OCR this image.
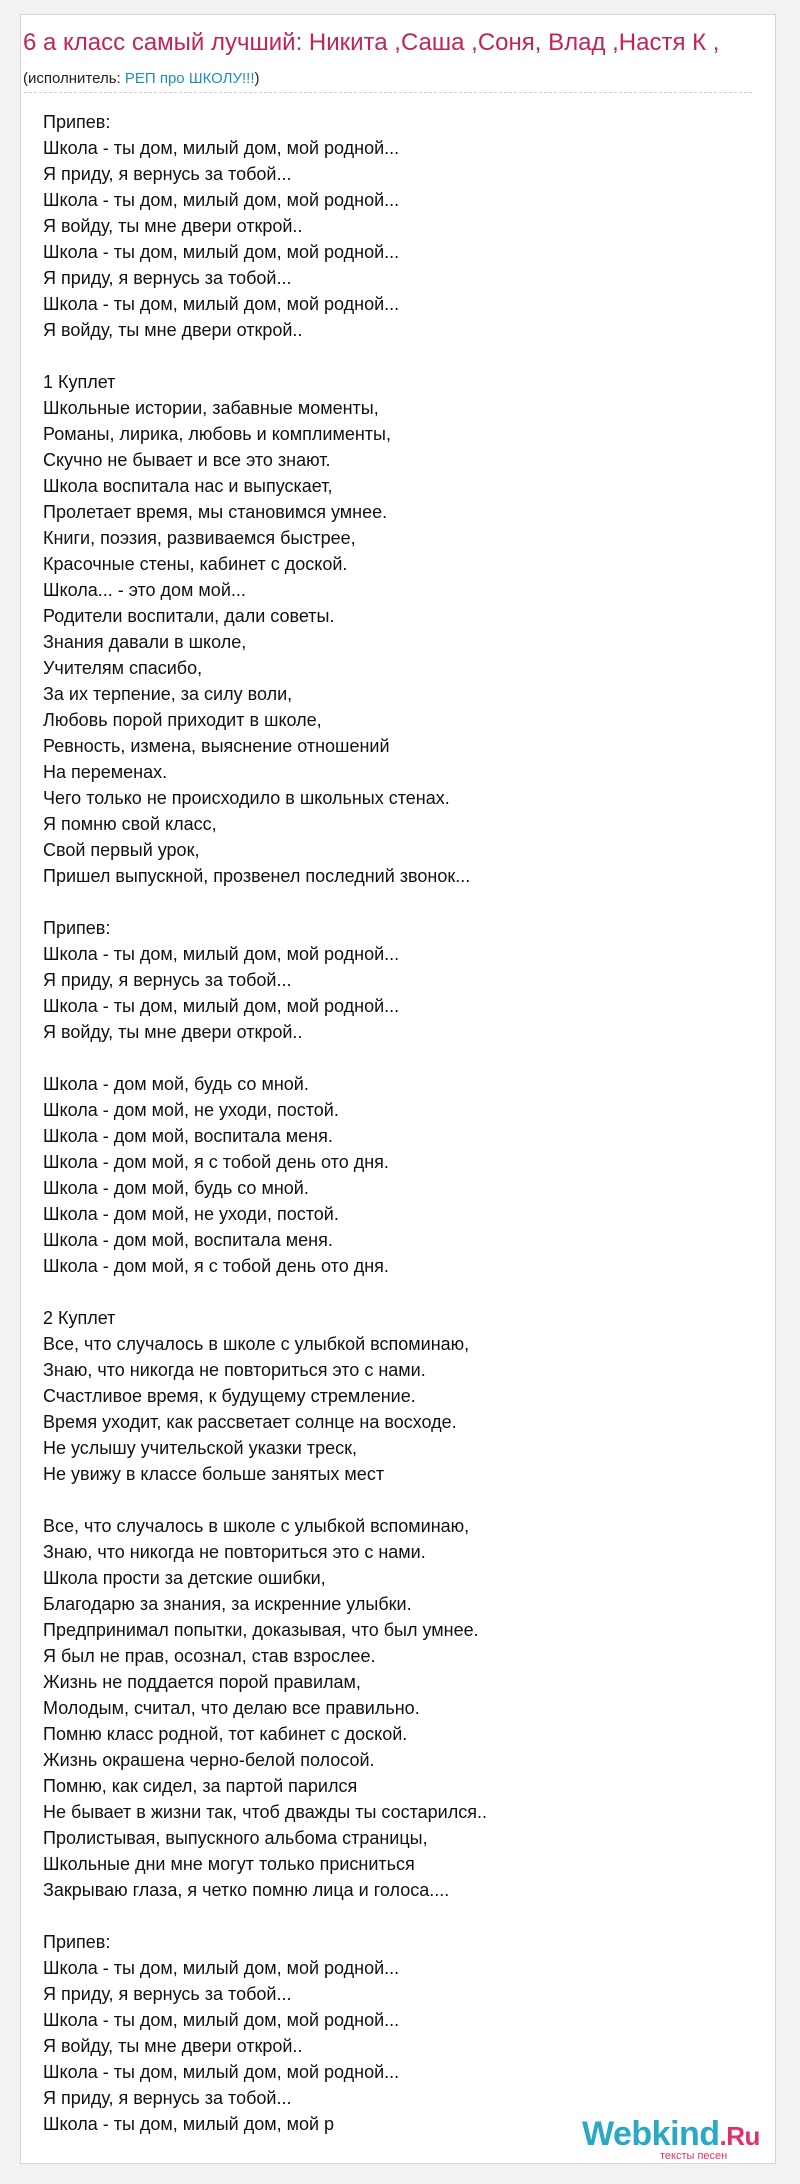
6 а класс самый лучший: Никита ,Саша ,Соня, Влад ,Настя К ,
(исполнитель: РЕП про ШКОЛУ!!!)
Припев:
Школа - ты дом, милый дом, мой родной...
Я приду, я вернусь за тобой...
Школа - ты дом, милый дом, мой родной...
Я войду, ты мне двери открой..
Школа - ты дом, милый дом, мой родной...
Я приду, я вернусь за тобой...
Школа - ты дом, милый дом, мой родной...
Я войду, ты мне двери открой..
1 Куплет
Школьные истории, забавные моменты,
Романы, лирика, любовь и комплименты,
Скучно не бывает и все это знают.
Школа воспитала нас и выпускает,
Пролетает время, мы становимся умнее.
Книги, поэзия, развиваемся быстрее,
Красочные стены, кабинет с доской.
Школа... - это дом мой...
Родители воспитали, дали советы.
Знания давали в школе,
Учителям спасибо,
За их терпение, за силу воли,
Любовь порой приходит в школе,
Ревность, измена, выяснение отношений
На переменах.
Чего только не происходило в школьных стенах.
Я помню свой класс,
Свой первый урок,
Пришел выпускной, прозвенел последний звонок...
Припев:
Школа - ты дом, милый дом, мой родной...
Я приду, я вернусь за тобой...
Школа - ты дом, милый дом, мой родной...
Я войду, ты мне двери открой..
Школа - дом мой, будь со мной.
Школа - дом мой, не уходи, постой.
Школа - дом мой, воспитала меня.
Школа - дом мой, я с тобой день ото дня.
Школа - дом мой, будь со мной.
Школа - дом мой, не уходи, постой.
Школа - дом мой, воспитала меня.
Школа - дом мой, я с тобой день ото дня.
2 Куплет
Все, что случалось в школе с улыбкой вспоминаю,
Знаю, что никогда не повториться это с нами.
Счастливое время, к будущему стремление.
Время уходит, как рассветает солнце на восходе.
Не услышу учительской указки треск,
Не увижу в классе больше занятых мест
Все, что случалось в школе с улыбкой вспоминаю,
Знаю, что никогда не повториться это с нами.
Школа прости за детские ошибки,
Благодарю за знания, за искренние улыбки.
Предпринимал попытки, доказывая, что был умнее.
Я был не прав, осознал, став взрослее.
Жизнь не поддается порой правилам,
Молодым, считал, что делаю все правильно.
Помню класс родной, тот кабинет с доской.
Жизнь окрашена черно-белой полосой.
Помню, как сидел, за партой парился
Не бывает в жизни так, чтоб дважды ты состарился..
Пролистывая, выпускного альбома страницы,
Школьные дни мне могут только присниться
Закрываю глаза, я четко помню лица и голоса....
Припев:
Школа - ты дом, милый дом, мой родной...
Я приду, я вернусь за тобой...
Школа - ты дом, милый дом, мой родной...
Я войду, ты мне двери открой..
Школа - ты дом, милый дом, мой родной...
Я приду, я вернусь за тобой...
Школа - ты дом, милый дом, мой р	Webkind.Ru
тексты песен
